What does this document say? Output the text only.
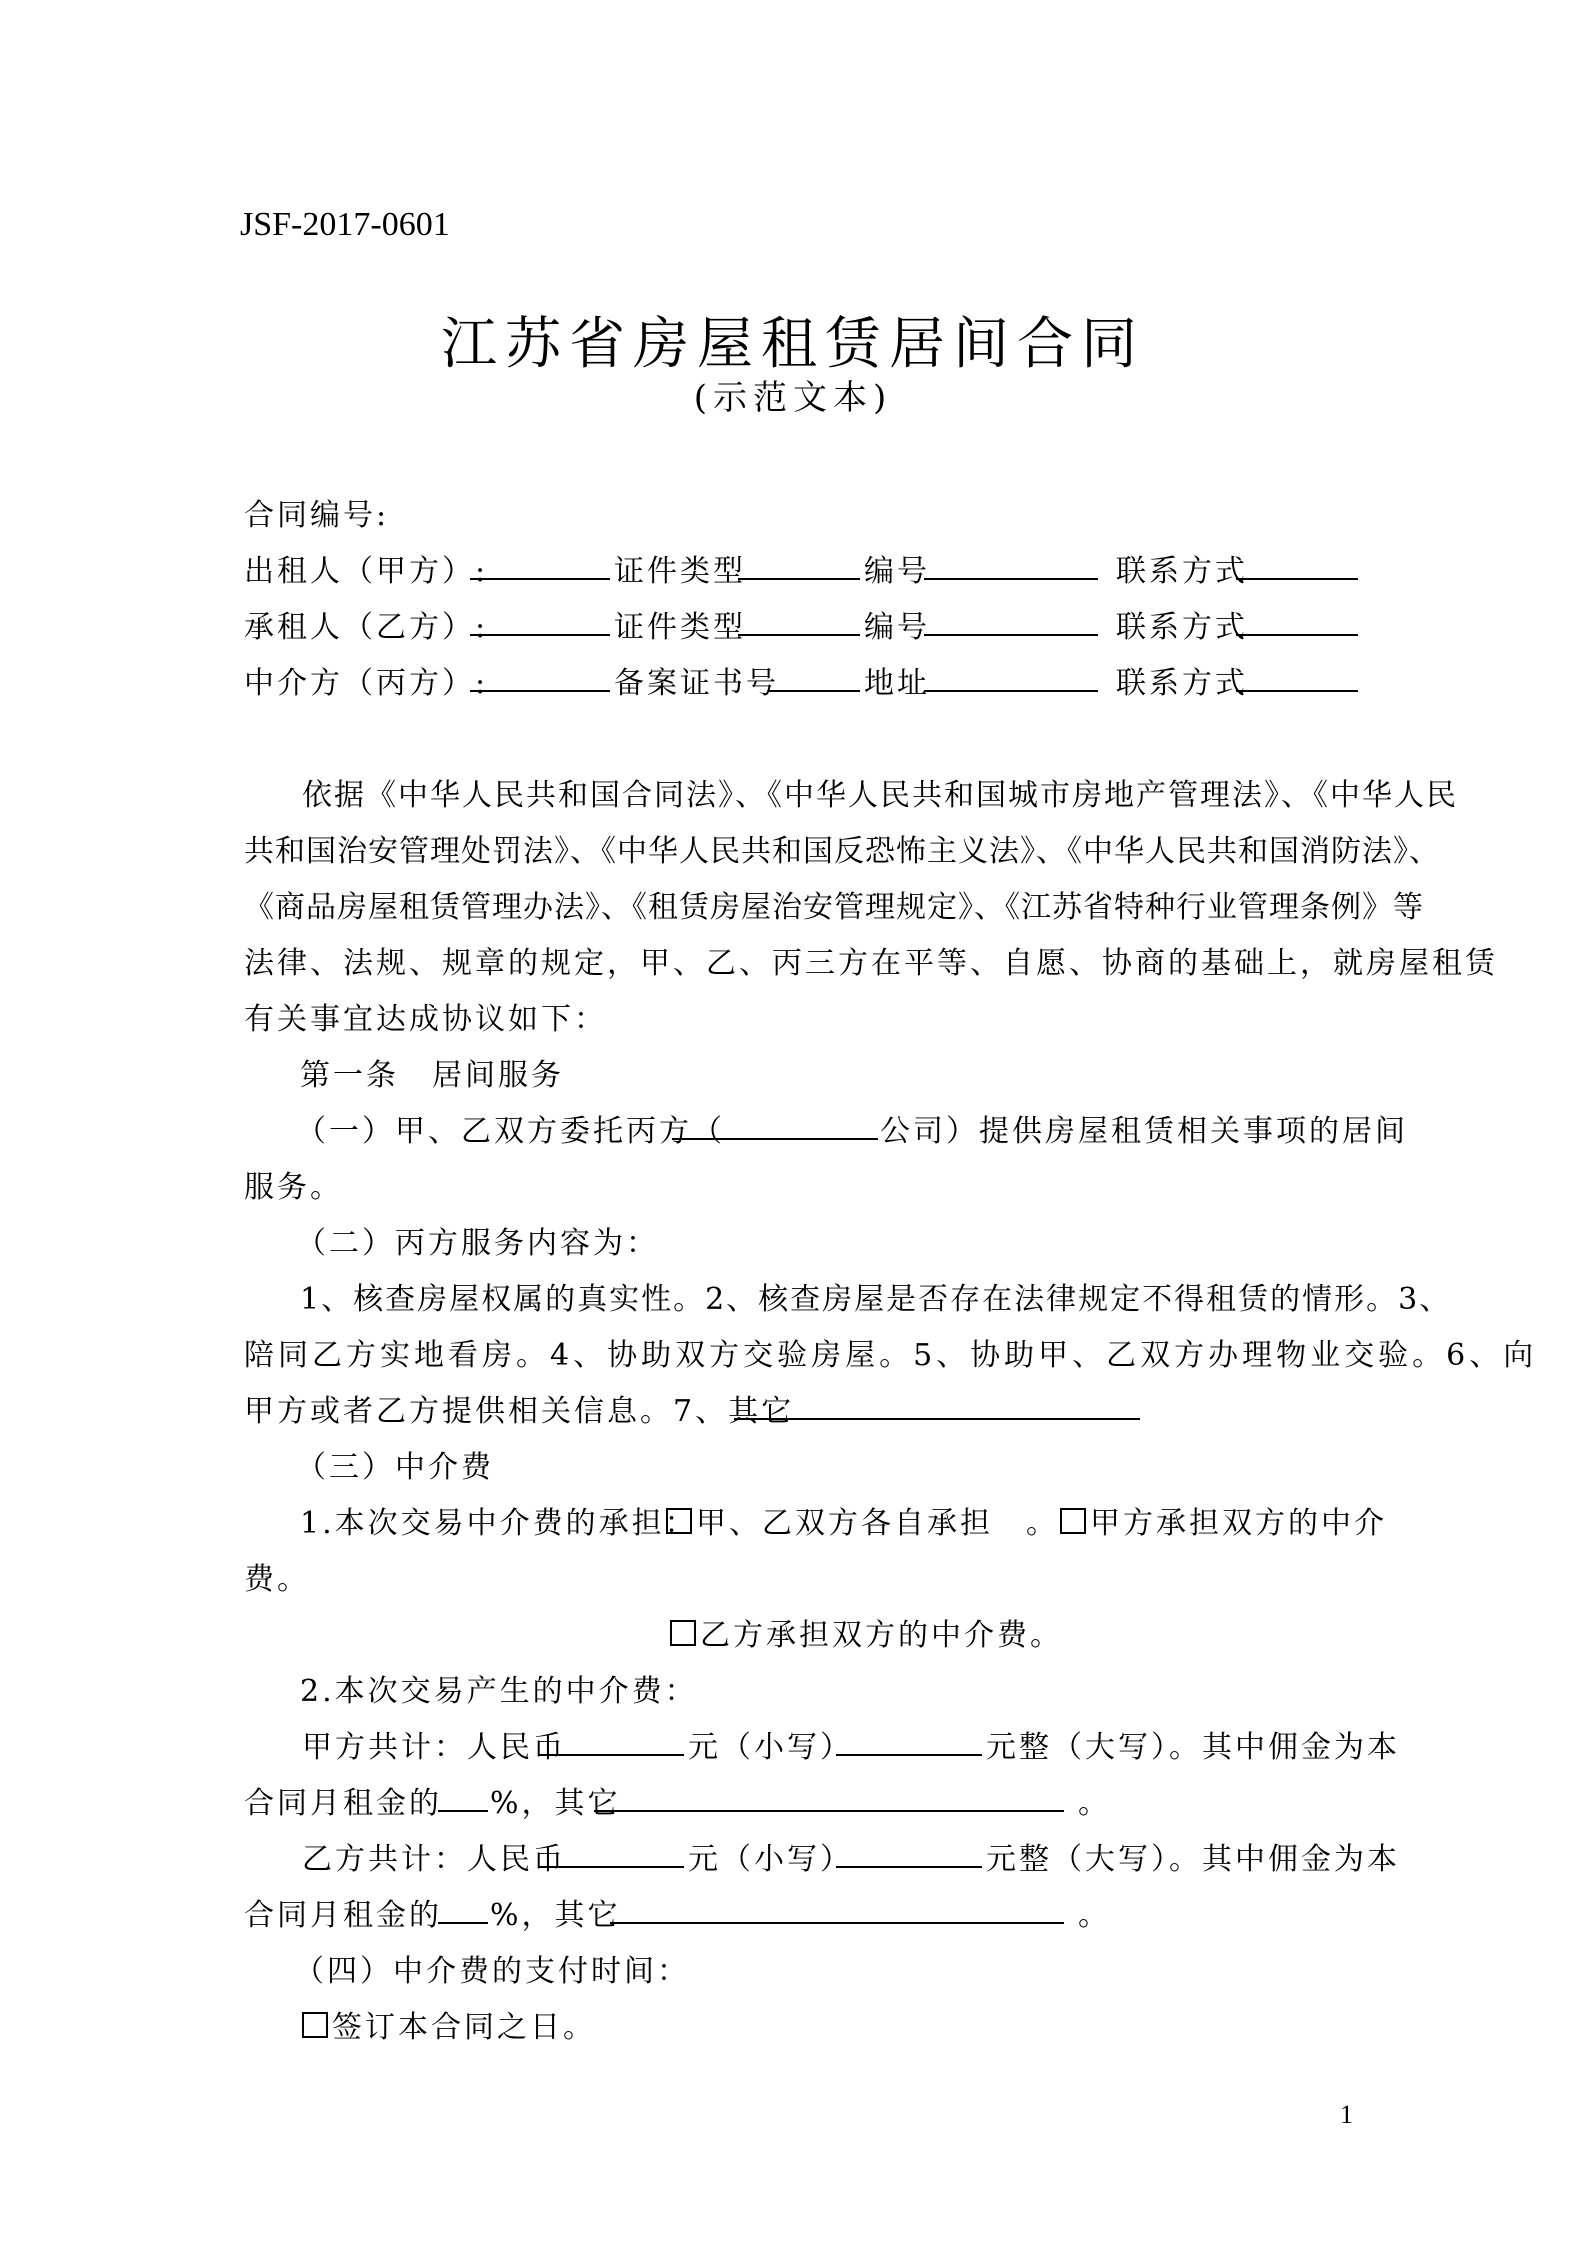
JSF-2017-0601
江苏省房屋租赁居间合同
(示范文本)
合同编号:
出租人（甲方）:	证件类型	编号	联系方式
承租人（乙方）:	证件类型	编号	联系方式
中介方（丙方）:	备案证书号	地址	联系方式
依据《中华人民共和国合同法》、《中华人民共和国城市房地产管理法》、《中华人民
共和国治安管理处罚法》、《中华人民共和国反恐怖主义法》、《中华人民共和国消防法》、
《商品房屋租赁管理办法》、《租赁房屋治安管理规定》、《江苏省特种行业管理条例》等
法律、法规、规章的规定，甲、乙、丙三方在平等、自愿、协商的基础上，就房屋租赁
有关事宜达成协议如下：
第一条　居间服务
（一）甲、乙双方委托丙方（	公司）提供房屋租赁相关事项的居间
服务。
（二）丙方服务内容为：
1、核查房屋权属的真实性。2、核查房屋是否存在法律规定不得租赁的情形。3、
陪同乙方实地看房。4、协助双方交验房屋。5、协助甲、乙双方办理物业交验。6、向
甲方或者乙方提供相关信息。7、其它
（三）中介费
1.本次交易中介费的承担：
甲、乙双方各自承担　。	甲方承担双方的中介
费。
乙方承担双方的中介费。
2.本次交易产生的中介费：
甲方共计：人民币	元（小写）	元整（大写）。其中佣金为本
合同月租金的 %，其它	。
乙方共计：人民币	元（小写）	元整（大写）。其中佣金为本
合同月租金的 %，其它	。
（四）中介费的支付时间：
签订本合同之日。
1
